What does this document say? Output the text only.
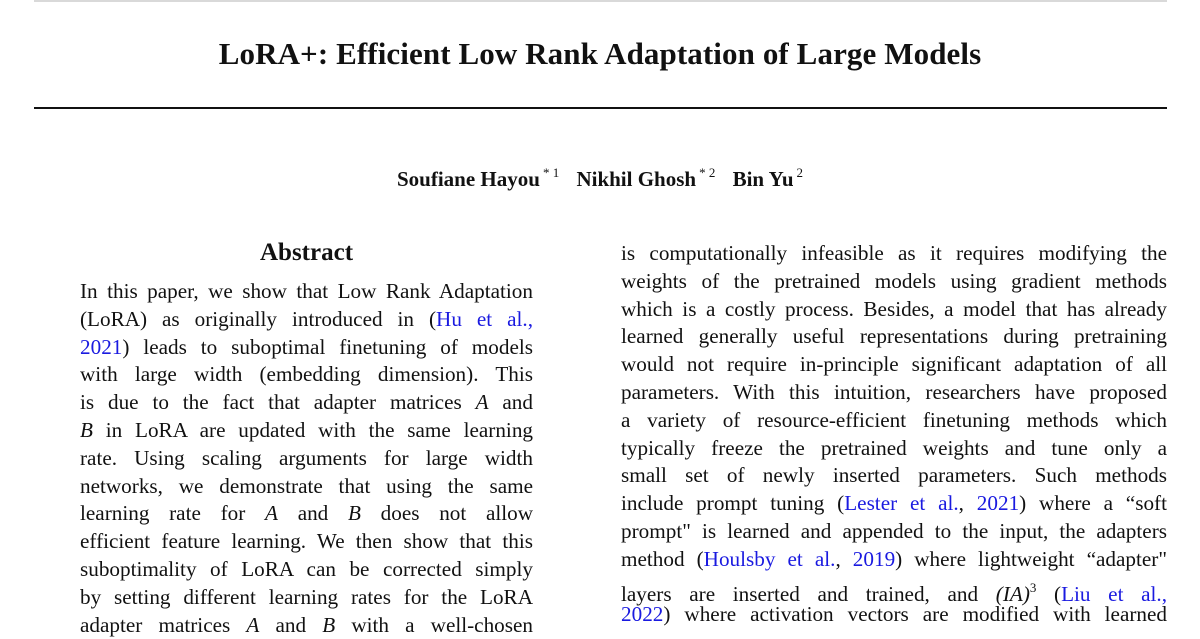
LoRA+: Efficient Low Rank Adaptation of Large Models
Soufiane Hayou $^{* 1}$ Nikhil Ghosh $^{* 2}$ Bin Yu $^2$
Abstract
In this paper, we show that Low Rank Adaptation
(LoRA) as originally introduced in (Hu et al.,
2021) leads to suboptimal finetuning of models
with large width (embedding dimension). This
is due to the fact that adapter matrices A and
B in LoRA are updated with the same learning
rate. Using scaling arguments for large width
networks, we demonstrate that using the same
learning rate for A and B does not allow
efficient feature learning. We then show that this
suboptimality of LoRA can be corrected simply
by setting different learning rates for the LoRA
adapter matrices A and B with a well-chosen
is computationally infeasible as it requires modifying the
weights of the pretrained models using gradient methods
which is a costly process. Besides, a model that has already
learned generally useful representations during pretraining
would not require in-principle significant adaptation of all
parameters. With this intuition, researchers have proposed
a variety of resource-efficient finetuning methods which
typically freeze the pretrained weights and tune only a
small set of newly inserted parameters. Such methods
include prompt tuning (Lester et al., 2021) where a “soft
prompt" is learned and appended to the input, the adapters
method (Houlsby et al., 2019) where lightweight “adapter"
layers are inserted and trained, and (IA)$^3$ (Liu et al.,
2022) where activation vectors are modified with learned
